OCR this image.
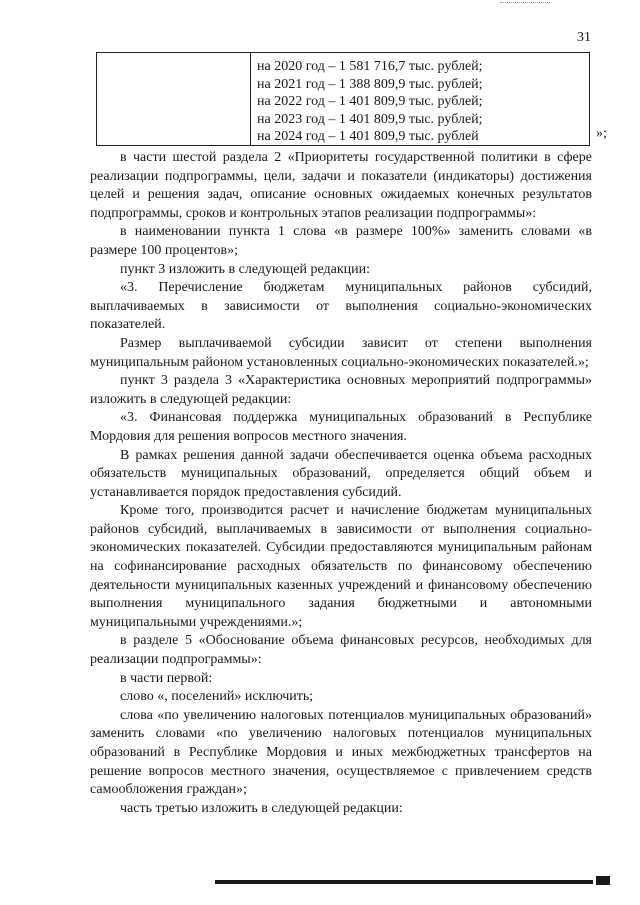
31
на 2020 год – 1 581 716,7 тыс. рублей;
на 2021 год – 1 388 809,9 тыс. рублей;
на 2022 год – 1 401 809,9 тыс. рублей;
на 2023 год – 1 401 809,9 тыс. рублей;
на 2024 год – 1 401 809,9 тыс. рублей	»;

в части шестой раздела 2 «Приоритеты государственной политики в сфере реализации подпрограммы, цели, задачи и показатели (индикаторы) достижения целей и решения задач, описание основных ожидаемых конечных результатов подпрограммы, сроков и контрольных этапов реализации подпрограммы»:

в наименовании пункта 1 слова «в размере 100%» заменить словами «в размере 100 процентов»;

пункт 3 изложить в следующей редакции:

«3. Перечисление бюджетам муниципальных районов субсидий, выплачиваемых в зависимости от выполнения социально-экономических показателей.

Размер выплачиваемой субсидии зависит от степени выполнения муниципальным районом установленных социально-экономических показателей.»;

пункт 3 раздела 3 «Характеристика основных мероприятий подпрограммы» изложить в следующей редакции:

«3. Финансовая поддержка муниципальных образований в Республике Мордовия для решения вопросов местного значения.

В рамках решения данной задачи обеспечивается оценка объема расходных обязательств муниципальных образований, определяется общий объем и устанавливается порядок предоставления субсидий.

Кроме того, производится расчет и начисление бюджетам муниципальных районов субсидий, выплачиваемых в зависимости от выполнения социально-экономических показателей. Субсидии предоставляются муниципальным районам на софинансирование расходных обязательств по финансовому обеспечению деятельности муниципальных казенных учреждений и финансовому обеспечению выполнения муниципального задания бюджетными и автономными муниципальными учреждениями.»;

в разделе 5 «Обоснование объема финансовых ресурсов, необходимых для реализации подпрограммы»:

в части первой:

слово «, поселений» исключить;

слова «по увеличению налоговых потенциалов муниципальных образований» заменить словами «по увеличению налоговых потенциалов муниципальных образований в Республике Мордовия и иных межбюджетных трансфертов на решение вопросов местного значения, осуществляемое с привлечением средств самообложения граждан»;

часть третью изложить в следующей редакции:
